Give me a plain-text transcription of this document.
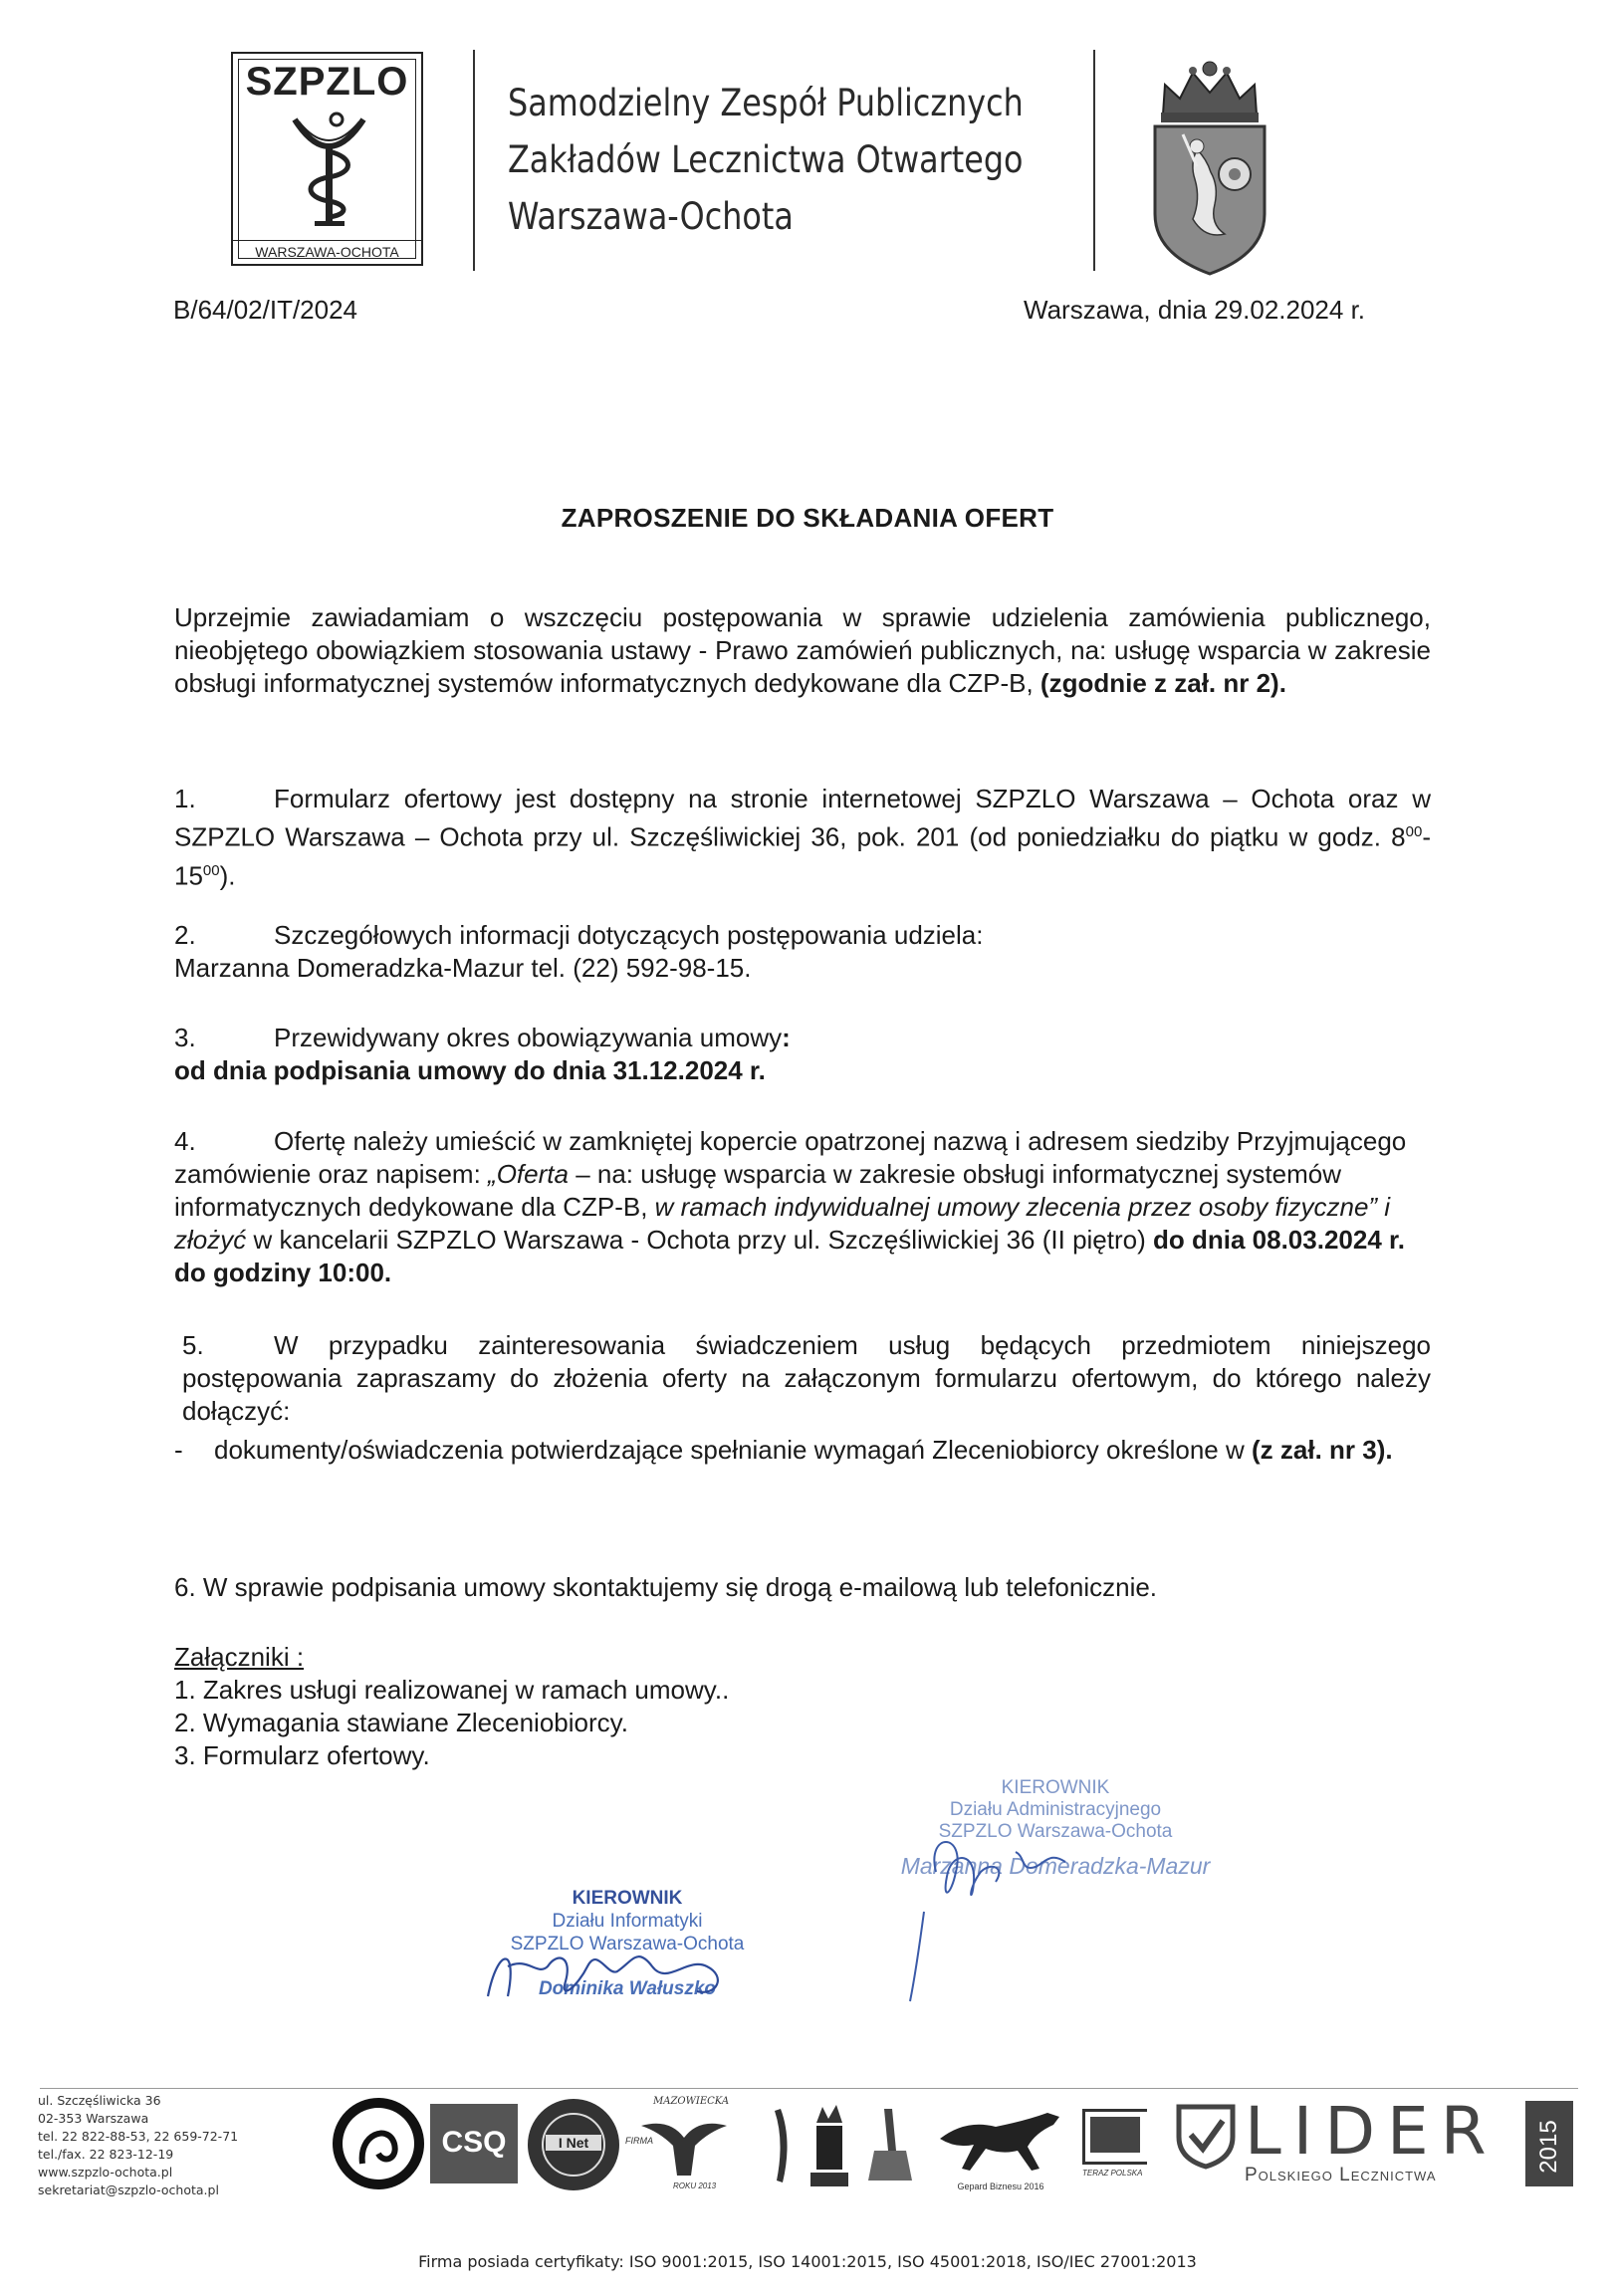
SZPZLO
WARSZAWA-OCHOTA
Samodzielny Zespół Publicznych
Zakładów Lecznictwa Otwartego
Warszawa-Ochota
B/64/02/IT/2024	Warszawa, dnia 29.02.2024 r.
ZAPROSZENIE DO SKŁADANIA OFERT
Uprzejmie zawiadamiam o wszczęciu postępowania w sprawie udzielenia zamówienia publicznego, nieobjętego obowiązkiem stosowania ustawy - Prawo zamówień publicznych, na: usługę wsparcia w zakresie obsługi informatycznej systemów informatycznych dedykowane dla CZP-B, (zgodnie z zał. nr 2).
1.	Formularz ofertowy jest dostępny na stronie internetowej SZPZLO Warszawa – Ochota oraz w SZPZLO Warszawa – Ochota przy ul. Szczęśliwickiej 36, pok. 201 (od poniedziałku do piątku w godz. $8^{00}-15^{00}$).
2.	Szczegółowych informacji dotyczących postępowania udziela:
Marzanna Domeradzka-Mazur tel. (22) 592-98-15.
3.	Przewidywany okres obowiązywania umowy:
od dnia podpisania umowy do dnia 31.12.2024 r.
4.	Ofertę należy umieścić w zamkniętej kopercie opatrzonej nazwą i adresem siedziby Przyjmującego zamówienie oraz napisem: „Oferta – na: usługę wsparcia w zakresie obsługi informatycznej systemów informatycznych dedykowane dla CZP-B, w ramach indywidualnej umowy zlecenia przez osoby fizyczne” i złożyć w kancelarii SZPZLO Warszawa - Ochota przy ul. Szczęśliwickiej 36 (II piętro) do dnia 08.03.2024 r. do godziny 10:00.
5.	W przypadku zainteresowania świadczeniem usług będących przedmiotem niniejszego postępowania zapraszamy do złożenia oferty na załączonym formularzu ofertowym, do którego należy dołączyć:
-	dokumenty/oświadczenia potwierdzające spełnianie wymagań Zleceniobiorcy określone w (z zał. nr 3).
6. W sprawie podpisania umowy skontaktujemy się drogą e-mailową lub telefonicznie.
Załączniki :
1. Zakres usługi realizowanej w ramach umowy..
2. Wymagania stawiane Zleceniobiorcy.
3. Formularz ofertowy.
KIEROWNIK
Działu Administracyjnego
SZPZLO Warszawa-Ochota
Marzanna Domeradzka-Mazur
KIEROWNIK
Działu Informatyki
SZPZLO Warszawa-Ochota
Dominika Wałuszko
ul. Szczęśliwicka 36
02-353 Warszawa
tel. 22 822-88-53, 22 659-72-71
tel./fax. 22 823-12-19
www.szpzlo-ochota.pl
sekretariat@szpzlo-ochota.pl
CSQ	I Net
MAZOWIECKA
FIRMA
ROKU 2013	Gepard Biznesu 2016
TERAZ POLSKA
LIDER
Polskiego Lecznictwa
2015
Firma posiada certyfikaty: ISO 9001:2015, ISO 14001:2015, ISO 45001:2018, ISO/IEC 27001:2013
